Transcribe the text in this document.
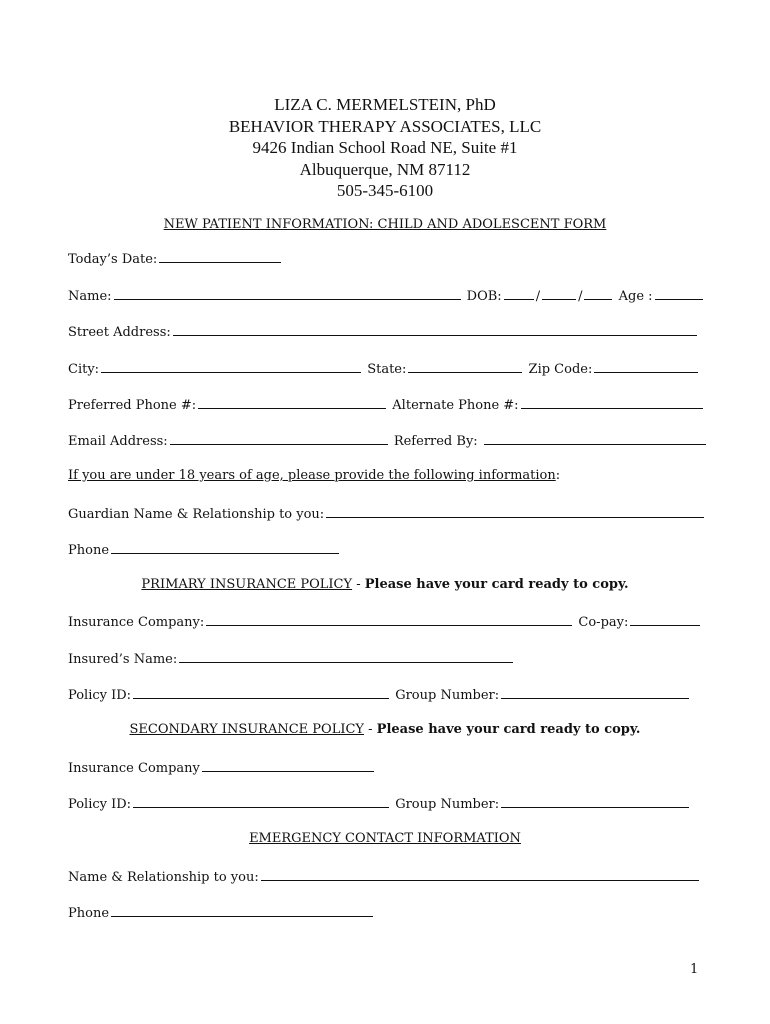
LIZA C. MERMELSTEIN, PhD
BEHAVIOR THERAPY ASSOCIATES, LLC
9426 Indian School Road NE, Suite #1
Albuquerque, NM 87112
505-345-6100
NEW PATIENT INFORMATION: CHILD AND ADOLESCENT FORM
Today’s Date:
Name:	DOB:	/	/	Age :
Street Address:
City:	State:	Zip Code:
Preferred Phone #:	Alternate Phone #:
Email Address:	Referred By:
If you are under 18 years of age, please provide the following information:
Guardian Name & Relationship to you:
Phone
PRIMARY INSURANCE POLICY - Please have your card ready to copy.
Insurance Company:	Co-pay:
Insured’s Name:
Policy ID:	Group Number:
SECONDARY INSURANCE POLICY - Please have your card ready to copy.
Insurance Company
Policy ID:	Group Number:
EMERGENCY CONTACT INFORMATION
Name & Relationship to you:
Phone
1
